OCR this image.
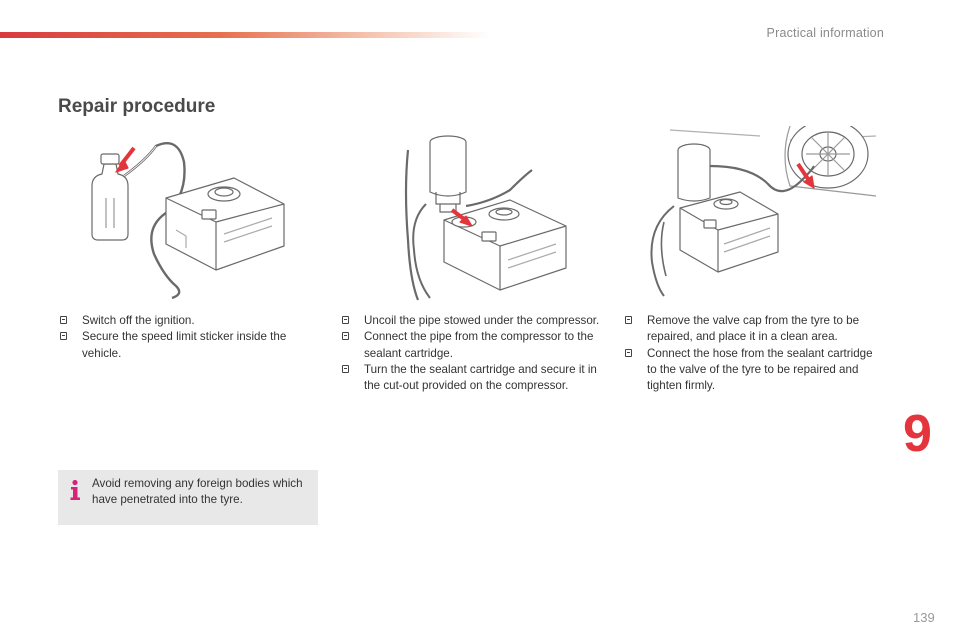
Practical information
Repair procedure
Switch off the ignition.
Secure the speed limit sticker inside the vehicle.
Uncoil the pipe stowed under the compressor.
Connect the pipe from the compressor to the sealant cartridge.
Turn the the sealant cartridge and secure it in the cut-out provided on the compressor.
Remove the valve cap from the tyre to be repaired, and place it in a clean area.
Connect the hose from the sealant cartridge to the valve of the tyre to be repaired and tighten firmly.
Avoid removing any foreign bodies which have penetrated into the tyre.
9
139
